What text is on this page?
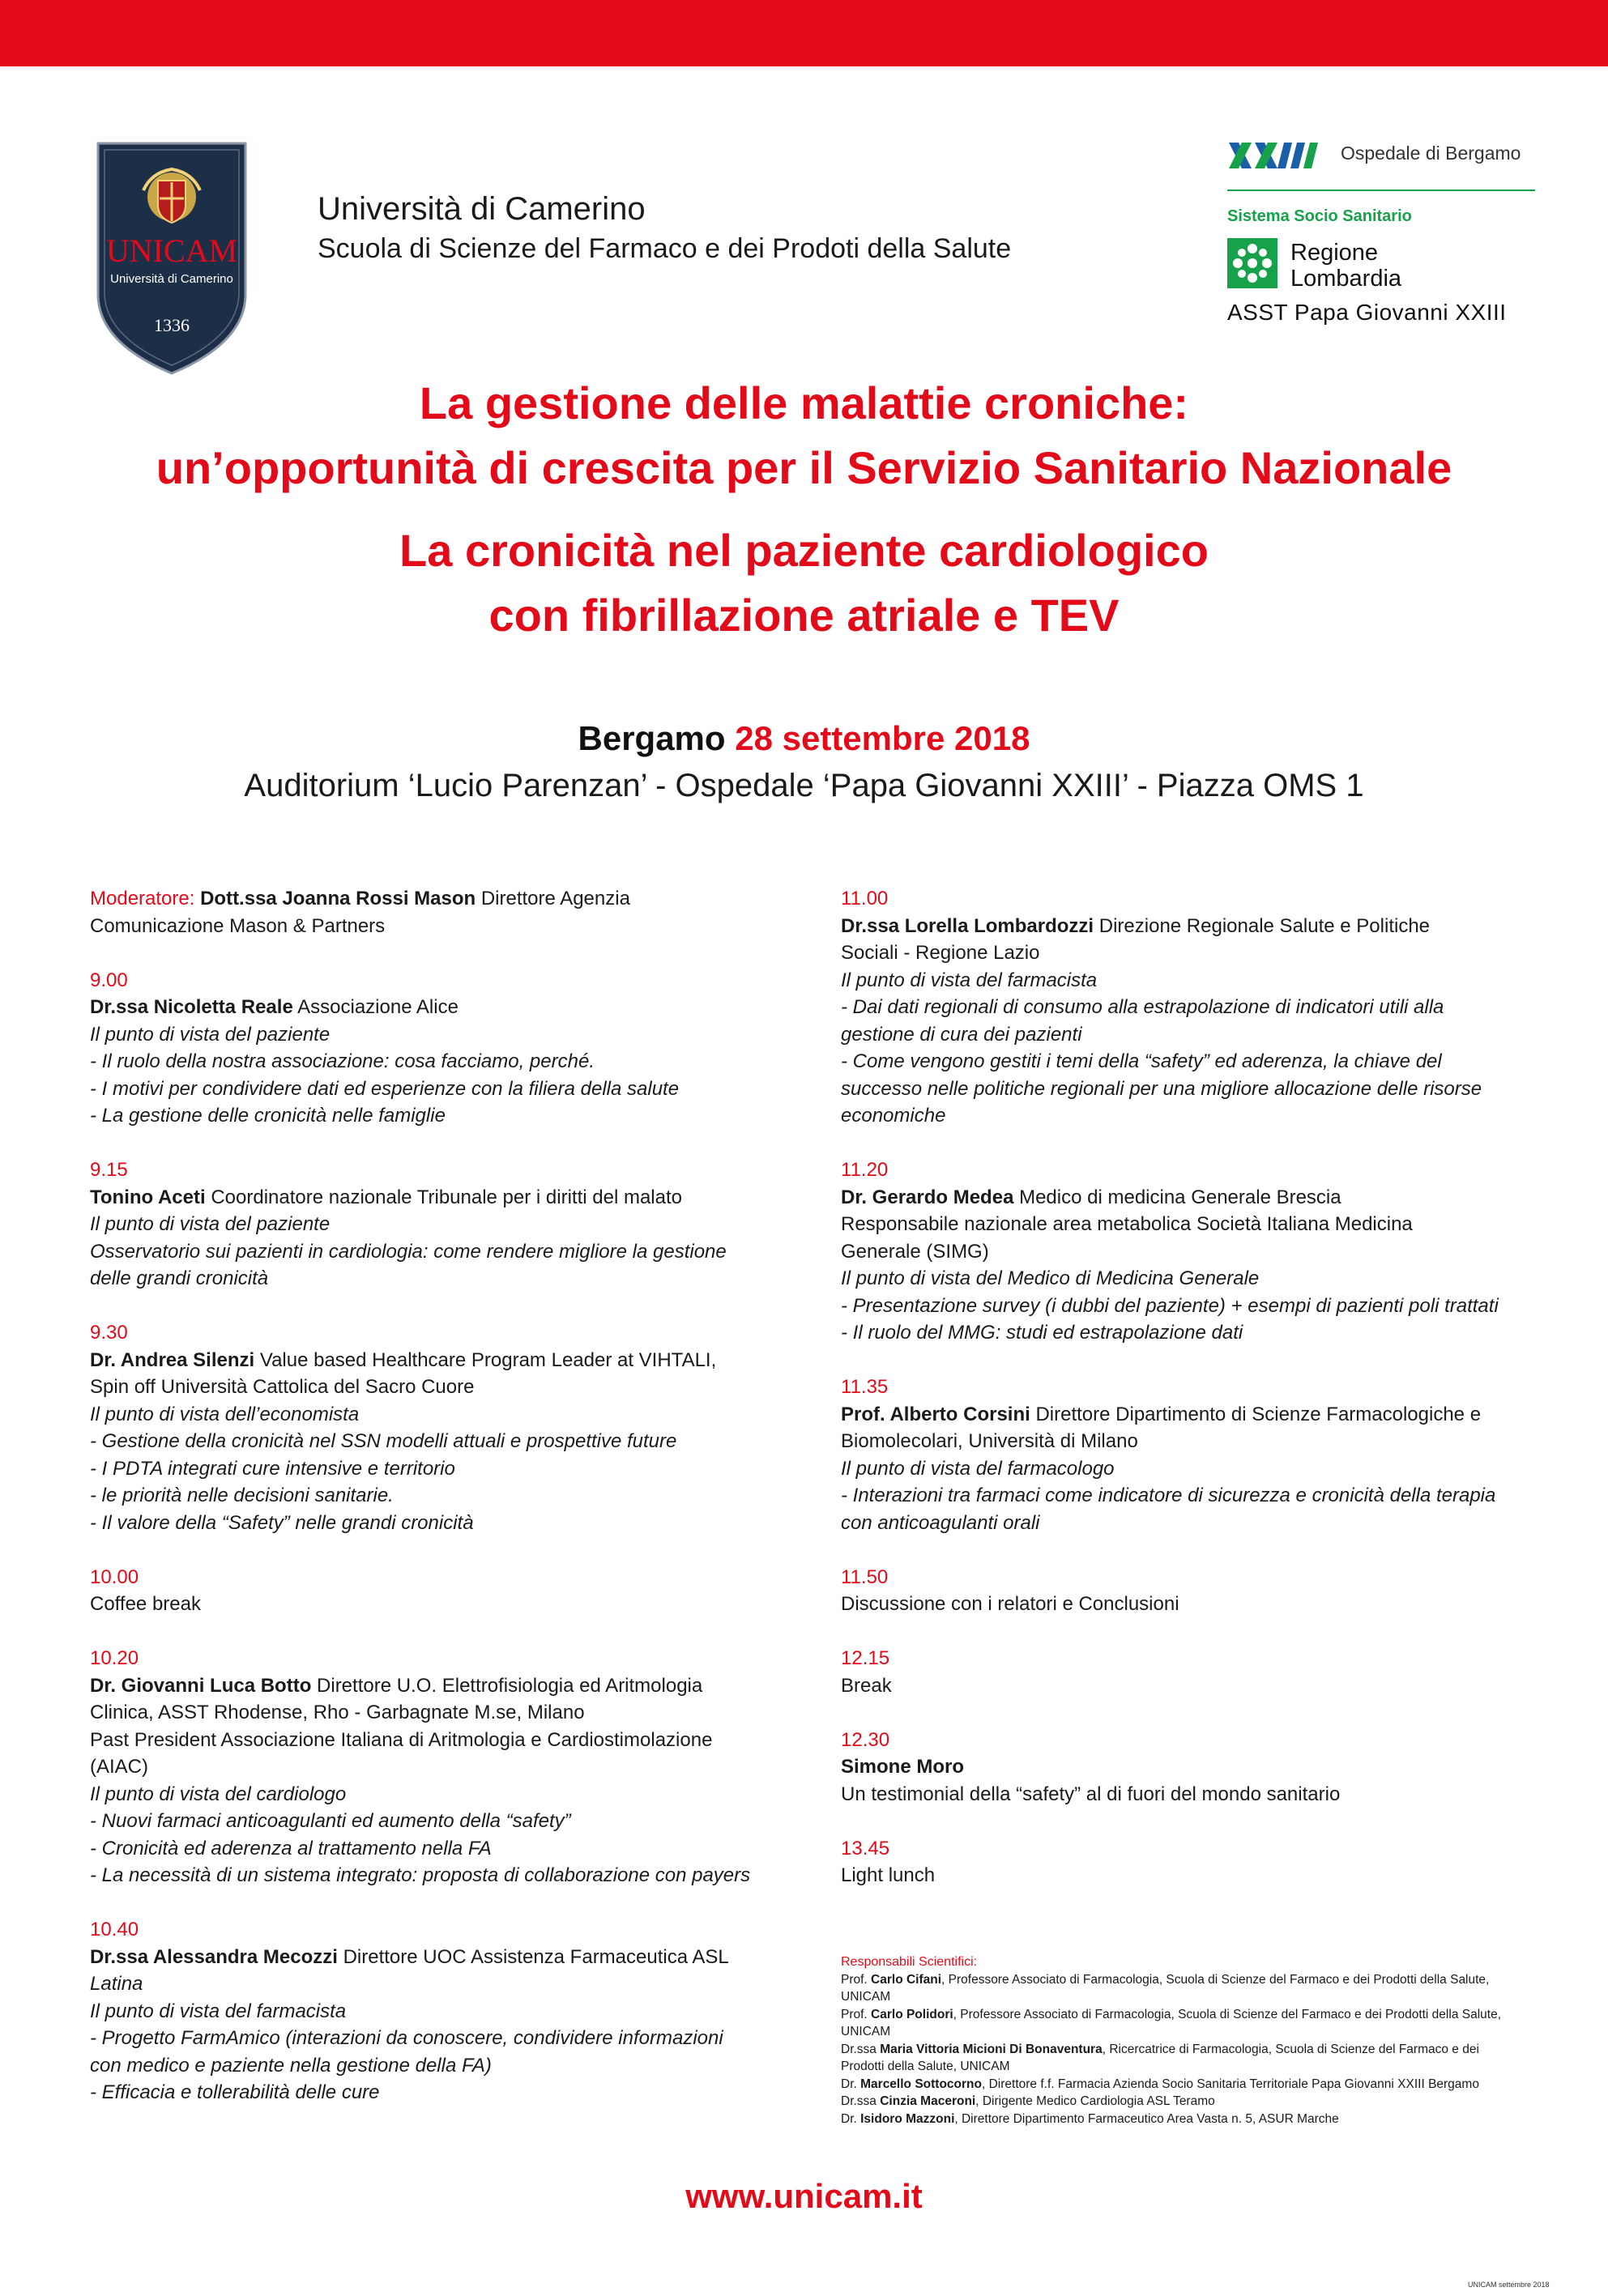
UNICAM
Università di Camerino
1336
Università di Camerino
Scuola di Scienze del Farmaco e dei Prodoti della Salute
Ospedale di Bergamo
Sistema Socio Sanitario
Regione
Lombardia
ASST Papa Giovanni XXIII
La gestione delle malattie croniche:
un’opportunità di crescita per il Servizio Sanitario Nazionale
La cronicità nel paziente cardiologico
con fibrillazione atriale e TEV
Bergamo 28 settembre 2018
Auditorium ‘Lucio Parenzan’ - Ospedale ‘Papa Giovanni XXIII’ - Piazza OMS 1
Moderatore: Dott.ssa Joanna Rossi Mason Direttore Agenzia
Comunicazione Mason & Partners
9.00
Dr.ssa Nicoletta Reale Associazione Alice
Il punto di vista del paziente
- Il ruolo della nostra associazione: cosa facciamo, perché.
- I motivi per condividere dati ed esperienze con la filiera della salute
- La gestione delle cronicità nelle famiglie
9.15
Tonino Aceti Coordinatore nazionale Tribunale per i diritti del malato
Il punto di vista del paziente
Osservatorio sui pazienti in cardiologia: come rendere migliore la gestione
delle grandi cronicità
9.30
Dr. Andrea Silenzi Value based Healthcare Program Leader at VIHTALI,
Spin off Università Cattolica del Sacro Cuore
Il punto di vista dell’economista
- Gestione della cronicità nel SSN modelli attuali e prospettive future
- I PDTA integrati cure intensive e territorio
- le priorità nelle decisioni sanitarie.
- Il valore della “Safety” nelle grandi cronicità
10.00
Coffee break
10.20
Dr. Giovanni Luca Botto Direttore U.O. Elettrofisiologia ed Aritmologia
Clinica, ASST Rhodense, Rho - Garbagnate M.se, Milano
Past President Associazione Italiana di Aritmologia e Cardiostimolazione
(AIAC)
Il punto di vista del cardiologo
- Nuovi farmaci anticoagulanti ed aumento della “safety”
- Cronicità ed aderenza al trattamento nella FA
- La necessità di un sistema integrato: proposta di collaborazione con payers
10.40
Dr.ssa Alessandra Mecozzi Direttore UOC Assistenza Farmaceutica ASL
Latina
Il punto di vista del farmacista
- Progetto FarmAmico (interazioni da conoscere, condividere informazioni
con medico e paziente nella gestione della FA)
- Efficacia e tollerabilità delle cure
11.00
Dr.ssa Lorella Lombardozzi Direzione Regionale Salute e Politiche
Sociali - Regione Lazio
Il punto di vista del farmacista
- Dai dati regionali di consumo alla estrapolazione di indicatori utili alla
gestione di cura dei pazienti
- Come vengono gestiti i temi della “safety” ed aderenza, la chiave del
successo nelle politiche regionali per una migliore allocazione delle risorse
economiche
11.20
Dr. Gerardo Medea Medico di medicina Generale Brescia
Responsabile nazionale area metabolica Società Italiana Medicina
Generale (SIMG)
Il punto di vista del Medico di Medicina Generale
- Presentazione survey (i dubbi del paziente) + esempi di pazienti poli trattati
- Il ruolo del MMG: studi ed estrapolazione dati
11.35
Prof. Alberto Corsini Direttore Dipartimento di Scienze Farmacologiche e
Biomolecolari, Università di Milano
Il punto di vista del farmacologo
- Interazioni tra farmaci come indicatore di sicurezza e cronicità della terapia
con anticoagulanti orali
11.50
Discussione con i relatori e Conclusioni
12.15
Break
12.30
Simone Moro
Un testimonial della “safety” al di fuori del mondo sanitario
13.45
Light lunch
Responsabili Scientifici:
Prof. Carlo Cifani, Professore Associato di Farmacologia, Scuola di Scienze del Farmaco e dei Prodotti della Salute,
UNICAM
Prof. Carlo Polidori, Professore Associato di Farmacologia, Scuola di Scienze del Farmaco e dei Prodotti della Salute,
UNICAM
Dr.ssa Maria Vittoria Micioni Di Bonaventura, Ricercatrice di Farmacologia, Scuola di Scienze del Farmaco e dei
Prodotti della Salute, UNICAM
Dr. Marcello Sottocorno, Direttore f.f. Farmacia Azienda Socio Sanitaria Territoriale Papa Giovanni XXIII Bergamo
Dr.ssa Cinzia Maceroni, Dirigente Medico Cardiologia ASL Teramo
Dr. Isidoro Mazzoni, Direttore Dipartimento Farmaceutico Area Vasta n. 5, ASUR Marche
www.unicam.it
UNICAM settembre 2018
